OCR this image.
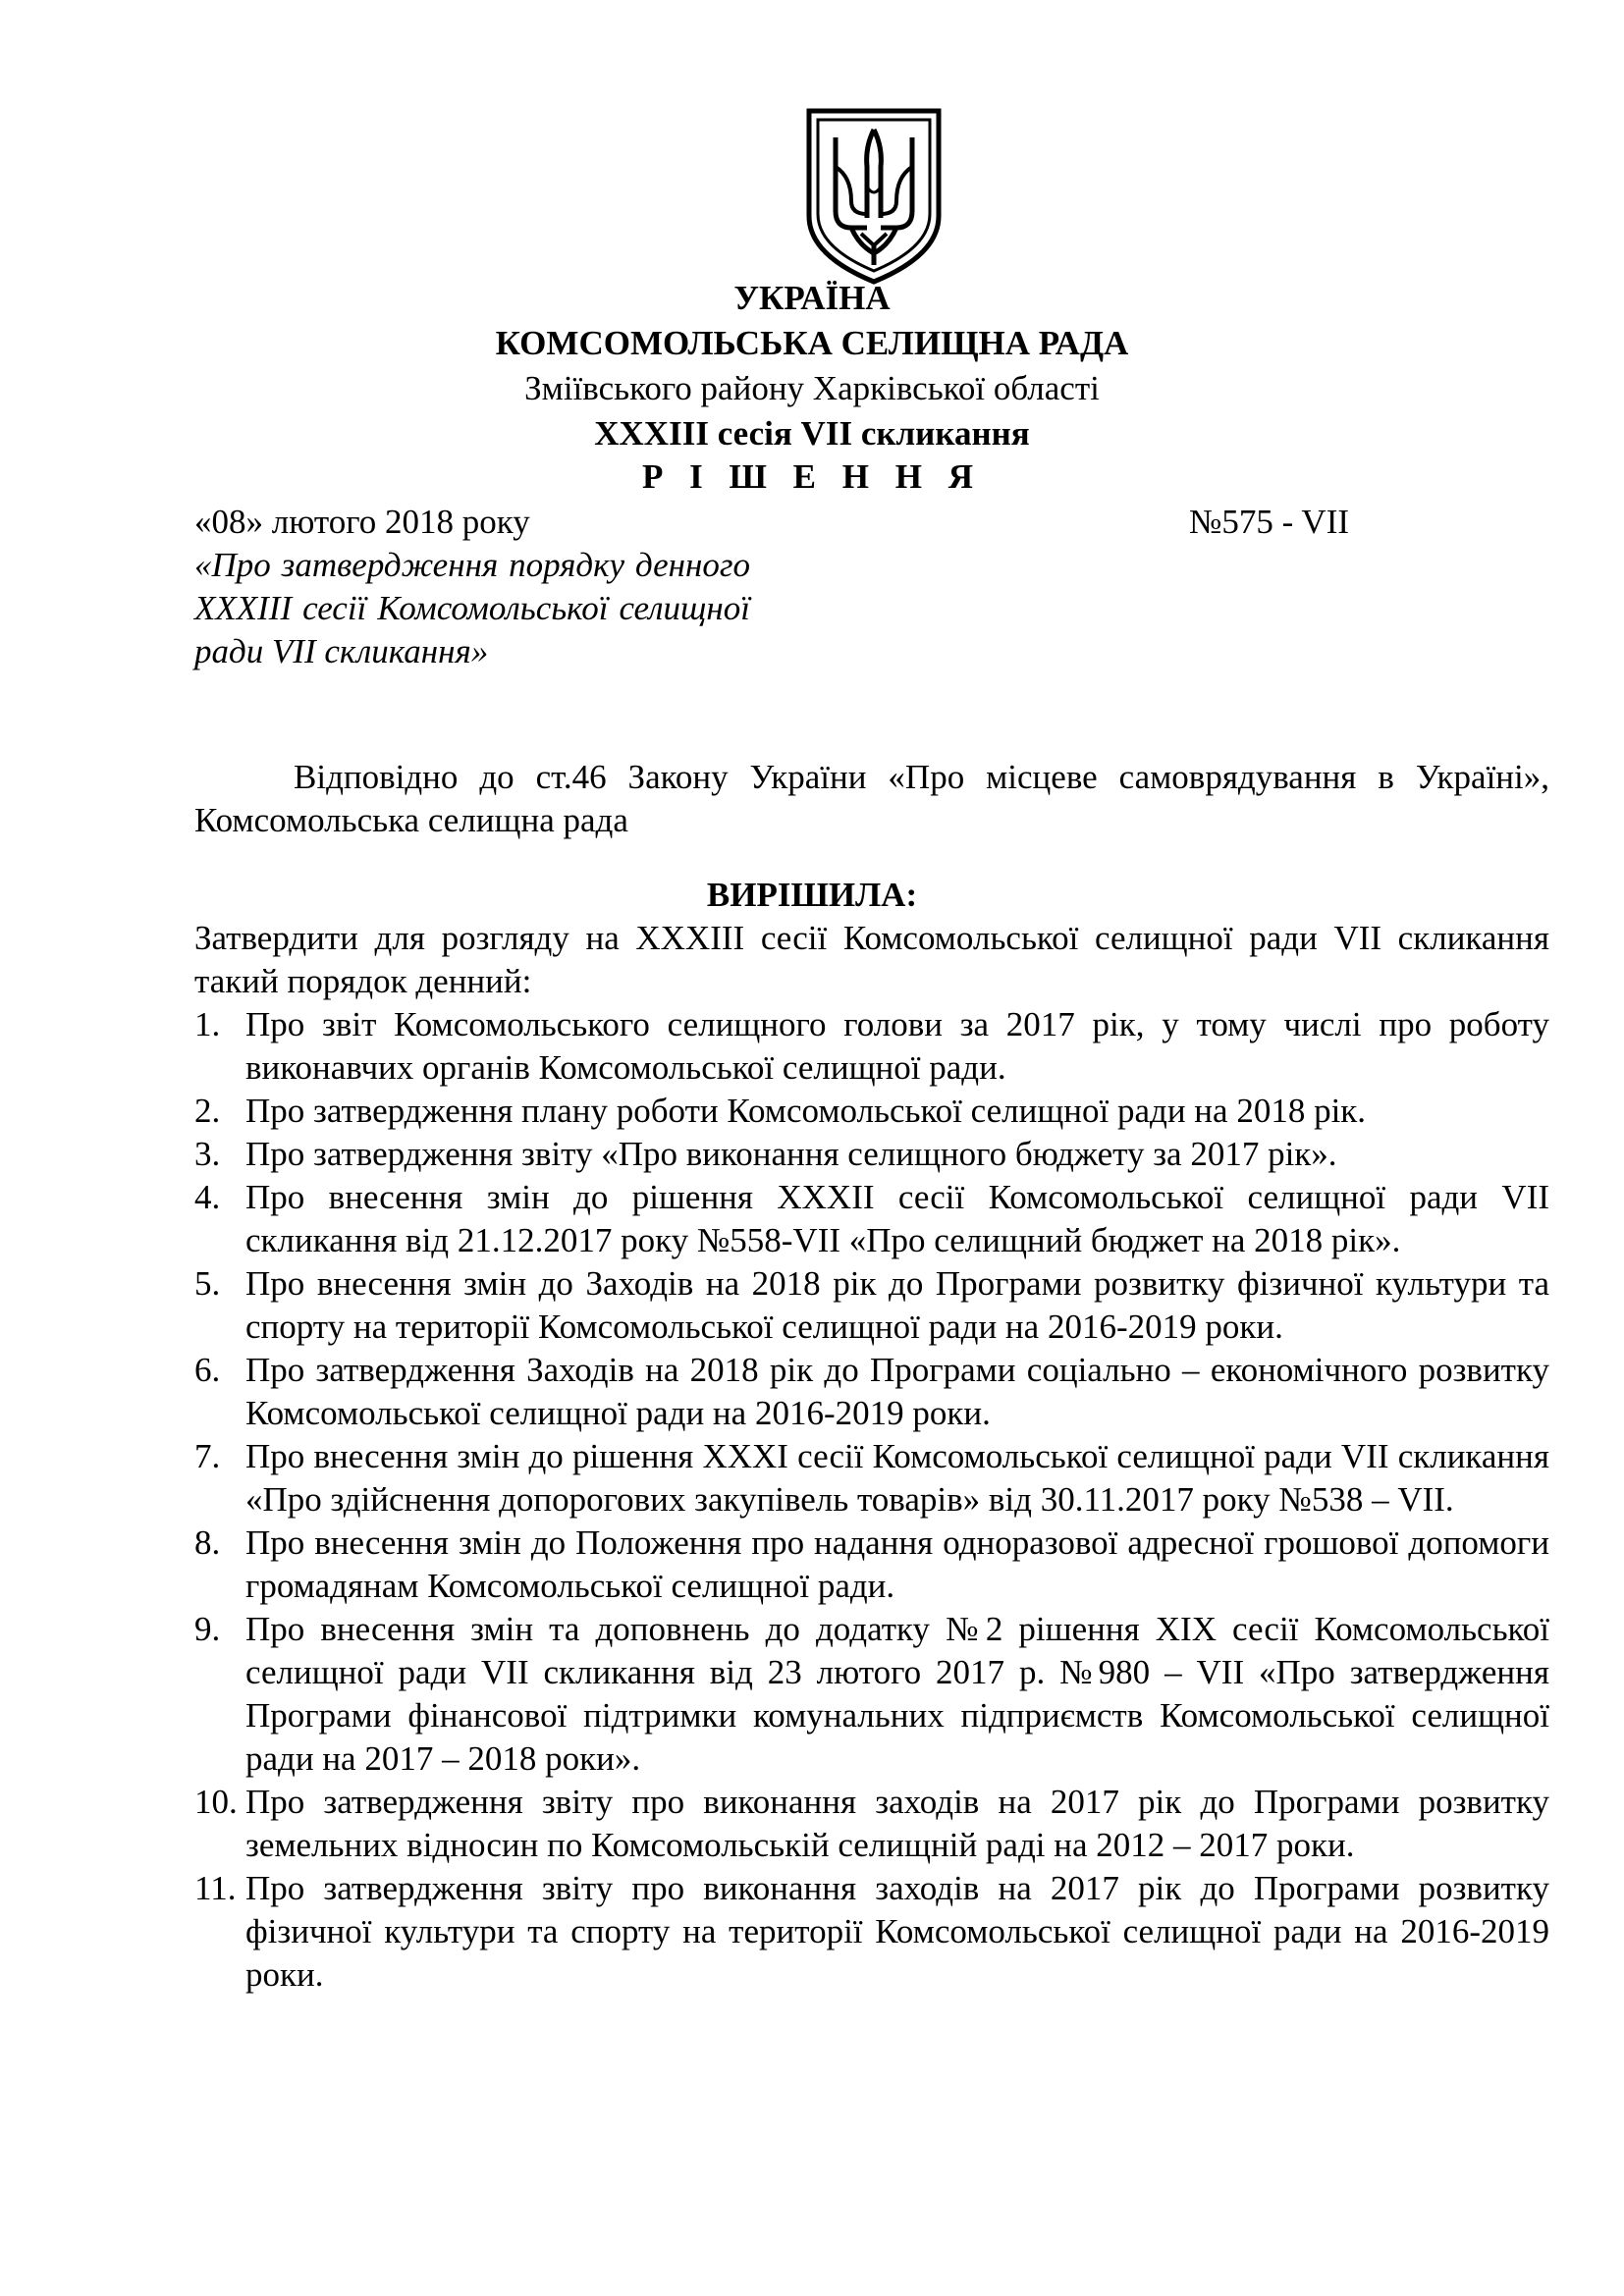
УКРАЇНА
КОМСОМОЛЬСЬКА СЕЛИЩНА РАДА
Зміївського району Харківської області
XXXIII сесія VII скликання
Р І Ш Е Н Н Я
«08» лютого 2018 року	№575 - VII
«Про затвердження порядку денного XXXIII сесії Комсомольської селищної ради VII скликання»

Відповідно до ст.46 Закону України «Про місцеве самоврядування в Україні», Комсомольська селищна рада

ВИРІШИЛА:

Затвердити для розгляду на XXXIII сесії Комсомольської селищної ради VII скликання такий порядок денний:

1. Про звіт Комсомольського селищного голови за 2017 рік, у тому числі про роботу виконавчих органів Комсомольської селищної ради.
2. Про затвердження плану роботи Комсомольської селищної ради на 2018 рік.
3. Про затвердження звіту «Про виконання селищного бюджету за 2017 рік».
4. Про внесення змін до рішення XXXII сесії Комсомольської селищної ради VII скликання від 21.12.2017 року №558-VII «Про селищний бюджет на 2018 рік».
5. Про внесення змін до Заходів на 2018 рік до Програми розвитку фізичної культури та спорту на території Комсомольської селищної ради на 2016-2019 роки.
6. Про затвердження Заходів на 2018 рік до Програми соціально – економічного розвитку Комсомольської селищної ради на 2016-2019 роки.
7. Про внесення змін до рішення XXXI сесії Комсомольської селищної ради VII скликання «Про здійснення допорогових закупівель товарів» від 30.11.2017 року №538 – VII.
8. Про внесення змін до Положення про надання одноразової адресної грошової допомоги громадянам Комсомольської селищної ради.
9. Про внесення змін та доповнень до додатку №2 рішення XIX сесії Комсомольської селищної ради VII скликання від 23 лютого 2017 р. №980 – VII «Про затвердження Програми фінансової підтримки комунальних підприємств Комсомольської селищної ради на 2017 – 2018 роки».
10. Про затвердження звіту про виконання заходів на 2017 рік до Програми розвитку земельних відносин по Комсомольській селищній раді на 2012 – 2017 роки.
11. Про затвердження звіту про виконання заходів на 2017 рік до Програми розвитку фізичної культури та спорту на території Комсомольської селищної ради на 2016-2019 роки.
